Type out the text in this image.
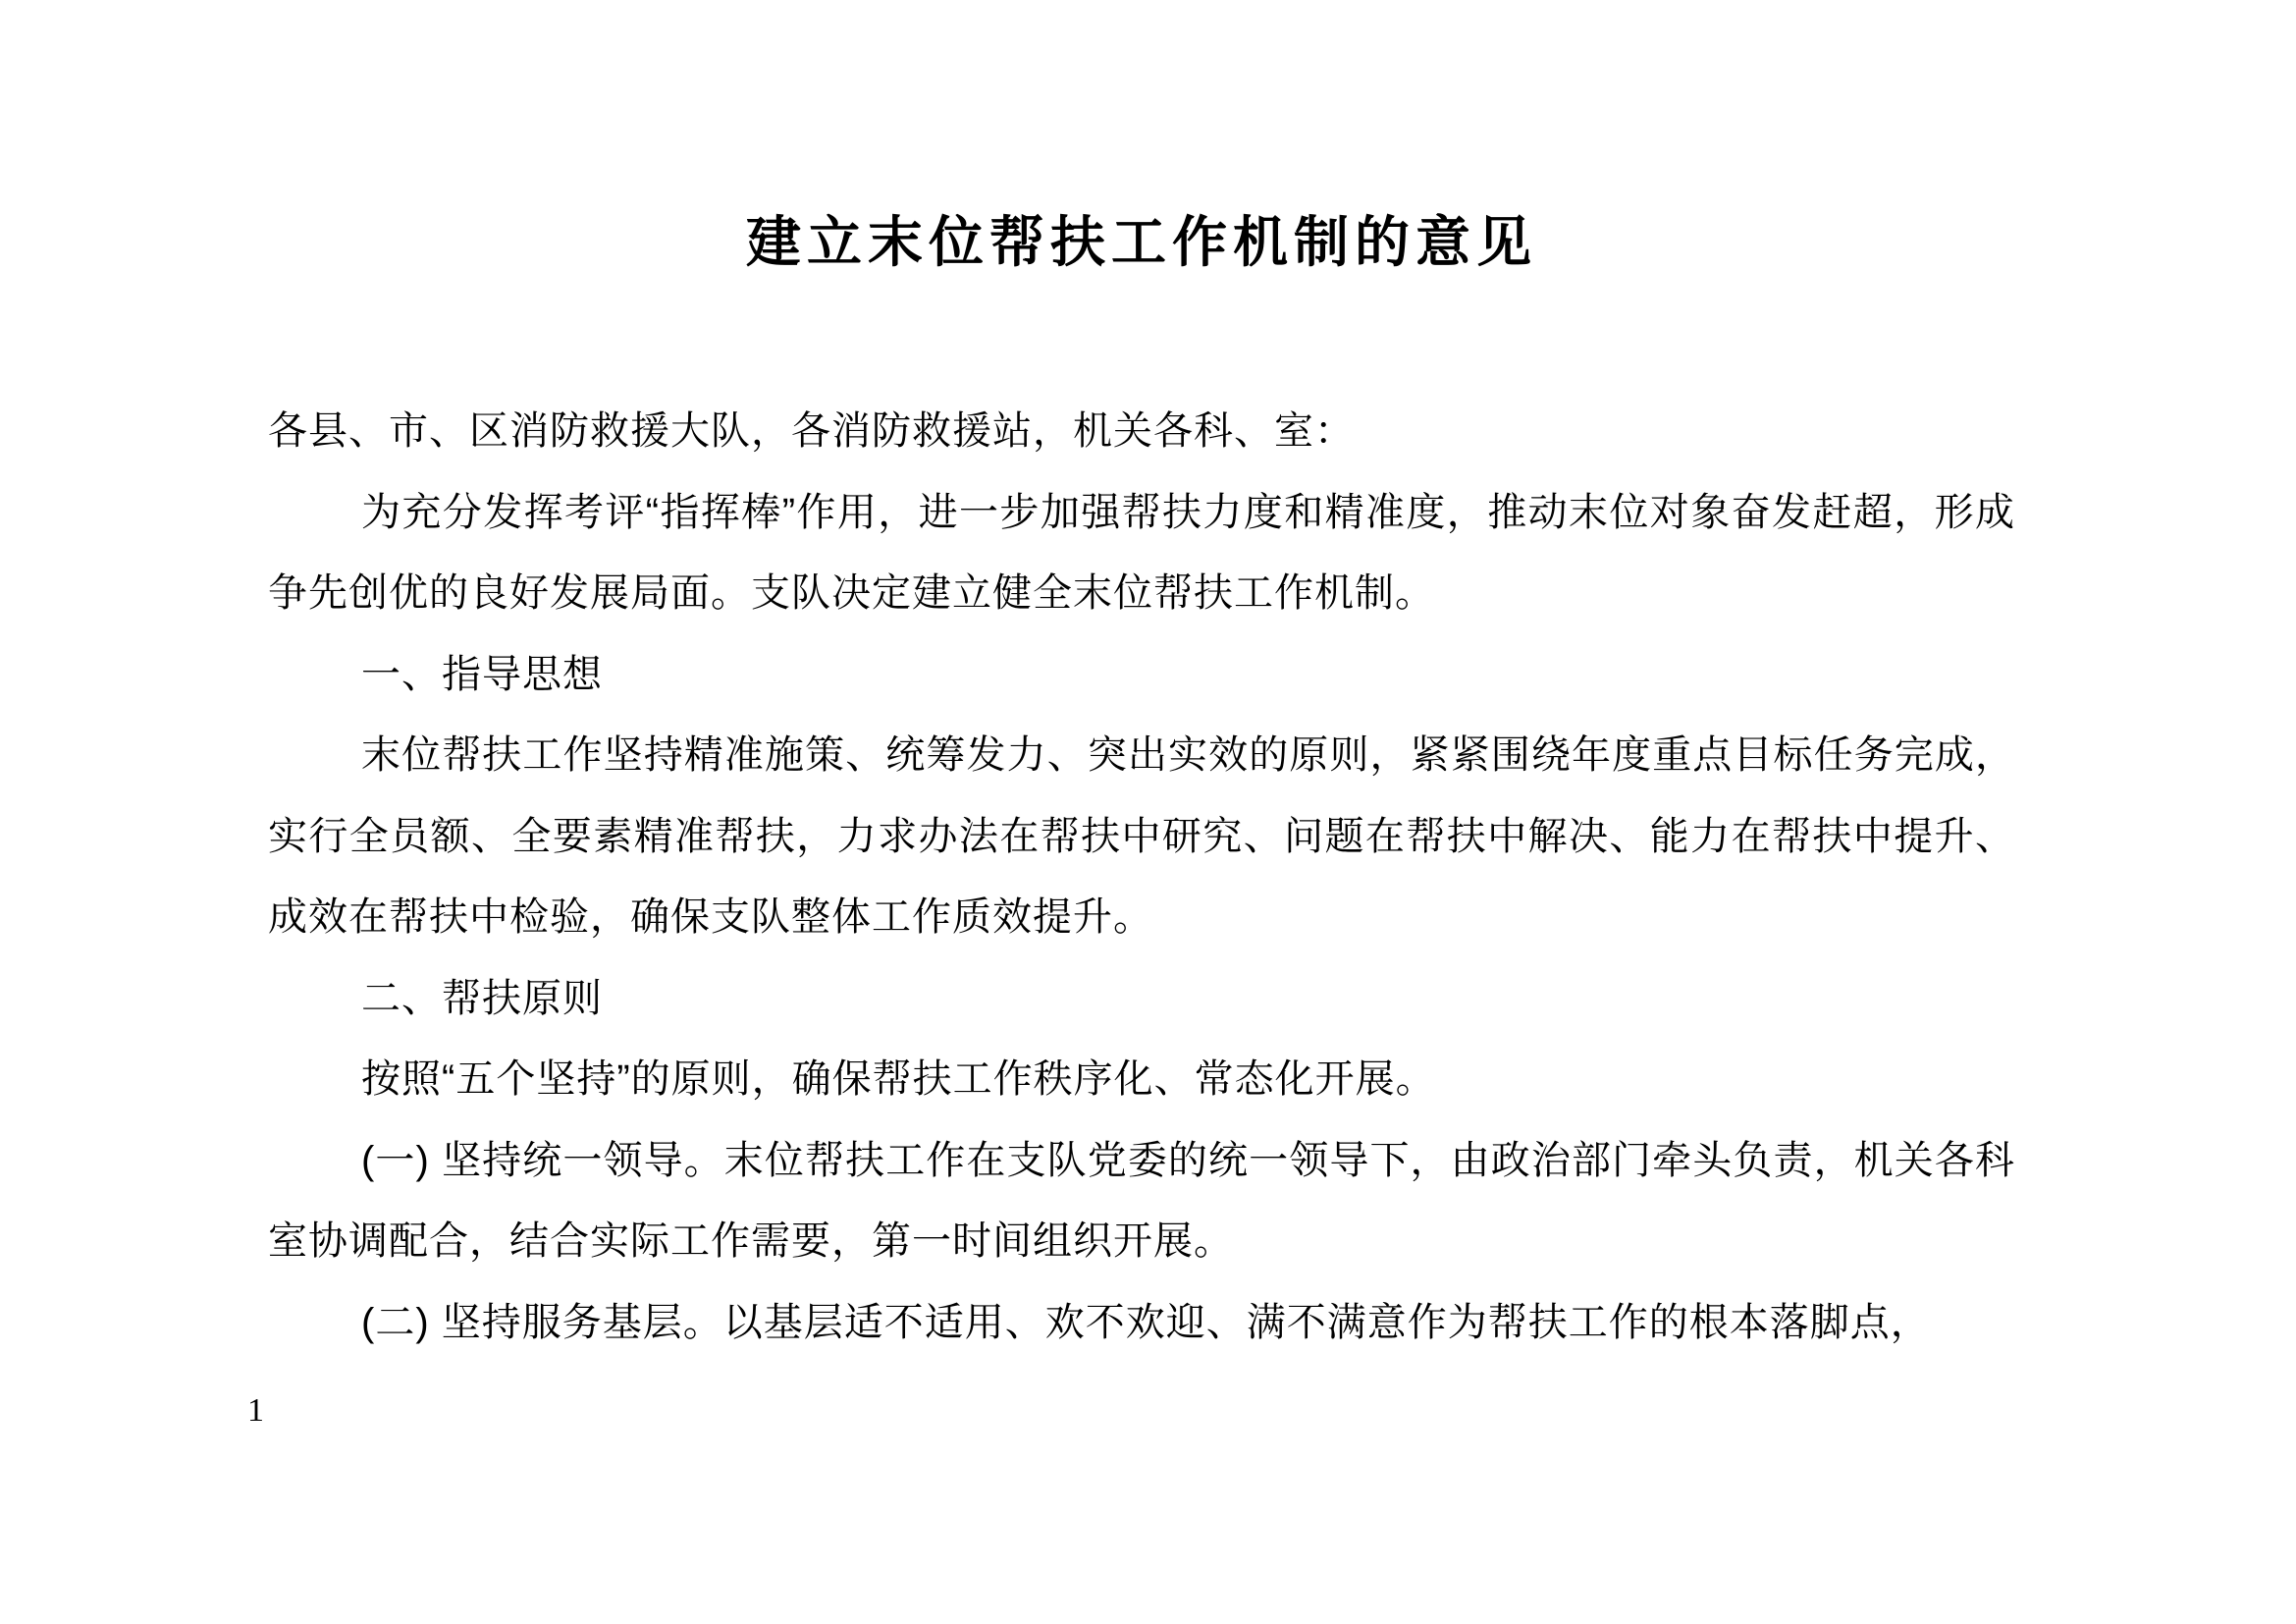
建立末位帮扶工作机制的意见

各县、市、区消防救援大队，各消防救援站，机关各科、室：

为充分发挥考评“指挥棒”作用，进一步加强帮扶力度和精准度，推动末位对象奋发赶超，形成争先创优的良好发展局面。支队决定建立健全末位帮扶工作机制。

一、指导思想

末位帮扶工作坚持精准施策、统筹发力、突出实效的原则，紧紧围绕年度重点目标任务完成，实行全员额、全要素精准帮扶，力求办法在帮扶中研究、问题在帮扶中解决、能力在帮扶中提升、成效在帮扶中检验，确保支队整体工作质效提升。

二、帮扶原则

按照“五个坚持”的原则，确保帮扶工作秩序化、常态化开展。

(一) 坚持统一领导。末位帮扶工作在支队党委的统一领导下，由政治部门牵头负责，机关各科室协调配合，结合实际工作需要，第一时间组织开展。

(二) 坚持服务基层。以基层适不适用、欢不欢迎、满不满意作为帮扶工作的根本落脚点，

1
